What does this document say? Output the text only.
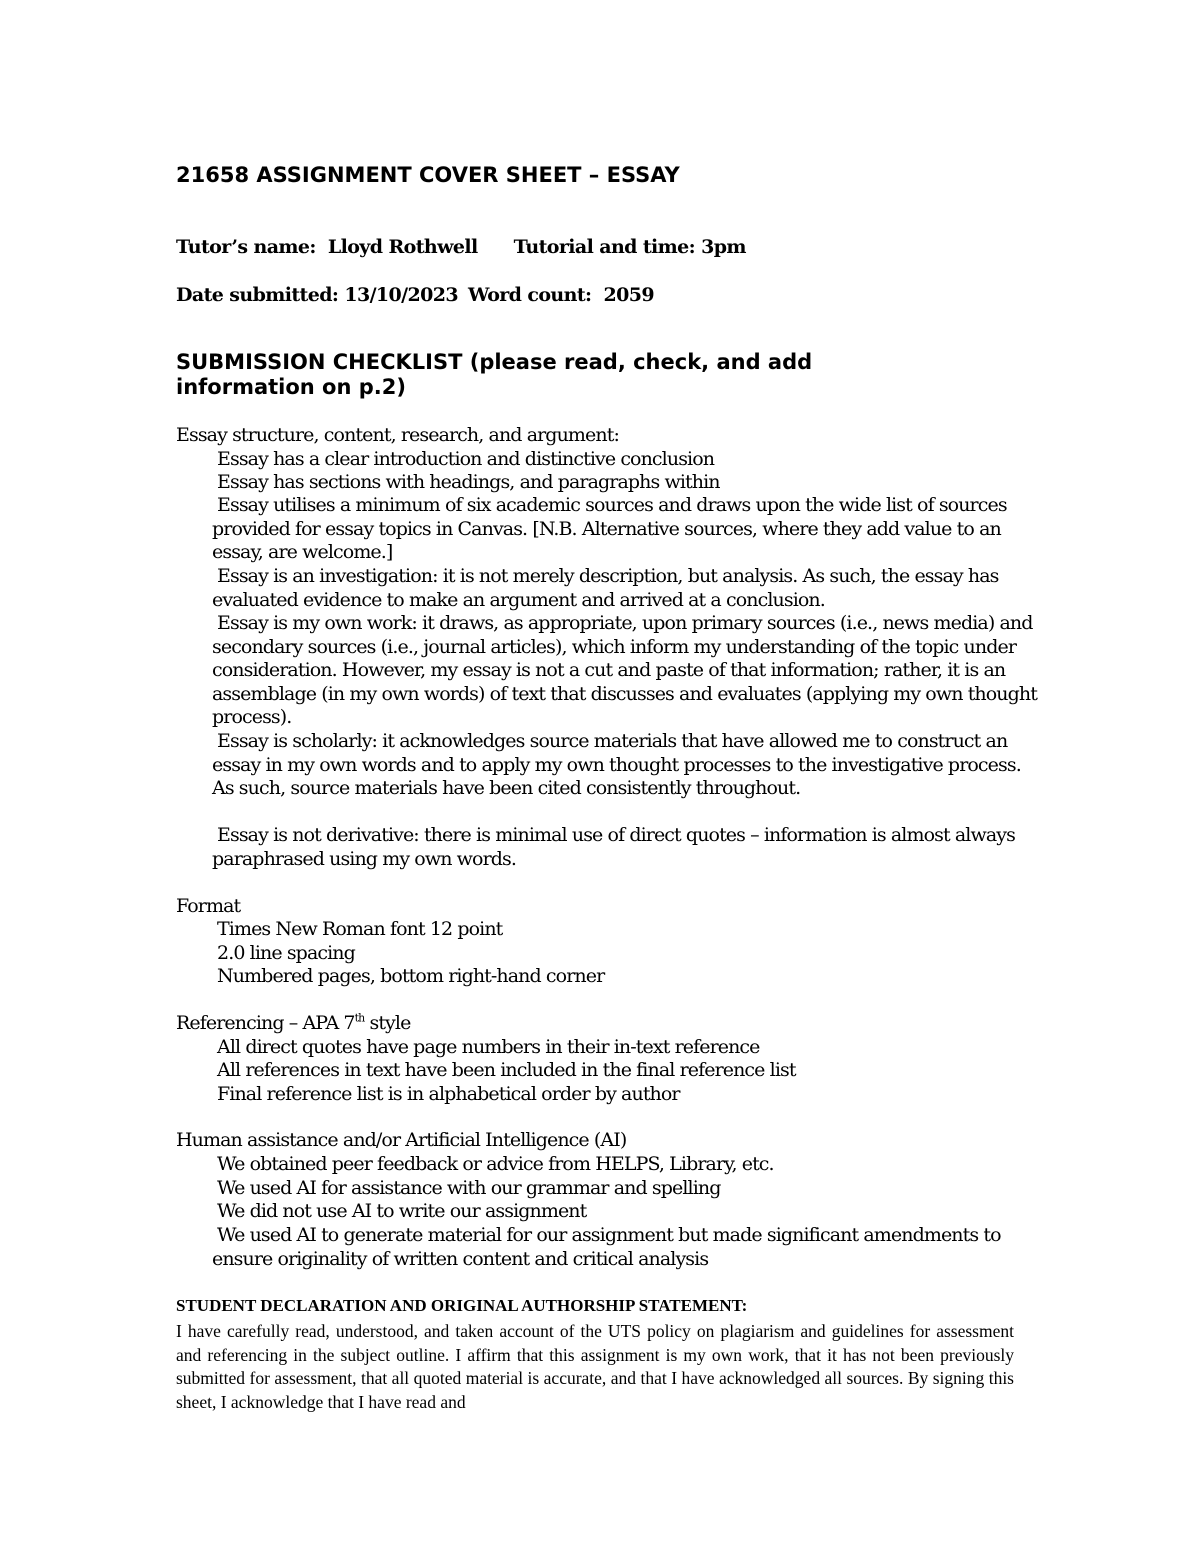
21658 ASSIGNMENT COVER SHEET – ESSAY
Tutor’s name: Lloyd Rothwell Tutorial and time: 3pm
Date submitted: 13/10/2023 Word count: 2059
SUBMISSION CHECKLIST (please read, check, and add information on p.2)
Essay structure, content, research, and argument:
Essay has a clear introduction and distinctive conclusion
Essay has sections with headings, and paragraphs within
Essay utilises a minimum of six academic sources and draws upon the wide list of sources provided for essay topics in Canvas. [N.B. Alternative sources, where they add value to an essay, are welcome.]
Essay is an investigation: it is not merely description, but analysis. As such, the essay has evaluated evidence to make an argument and arrived at a conclusion.
Essay is my own work: it draws, as appropriate, upon primary sources (i.e., news media) and secondary sources (i.e., journal articles), which inform my understanding of the topic under consideration. However, my essay is not a cut and paste of that information; rather, it is an assemblage (in my own words) of text that discusses and evaluates (applying my own thought process).
Essay is scholarly: it acknowledges source materials that have allowed me to construct an essay in my own words and to apply my own thought processes to the investigative process. As such, source materials have been cited consistently throughout.
Essay is not derivative: there is minimal use of direct quotes – information is almost always paraphrased using my own words.
Format
Times New Roman font 12 point
2.0 line spacing
Numbered pages, bottom right-hand corner
Referencing – APA 7th style
All direct quotes have page numbers in their in-text reference
All references in text have been included in the final reference list
Final reference list is in alphabetical order by author
Human assistance and/or Artificial Intelligence (AI)
We obtained peer feedback or advice from HELPS, Library, etc.
We used AI for assistance with our grammar and spelling
We did not use AI to write our assignment
We used AI to generate material for our assignment but made significant amendments to ensure originality of written content and critical analysis
STUDENT DECLARATION AND ORIGINAL AUTHORSHIP STATEMENT:
I have carefully read, understood, and taken account of the UTS policy on plagiarism and guidelines for assessment and referencing in the subject outline. I affirm that this assignment is my own work, that it has not been previously submitted for assessment, that all quoted material is accurate, and that I have acknowledged all sources. By signing this sheet, I acknowledge that I have read and
